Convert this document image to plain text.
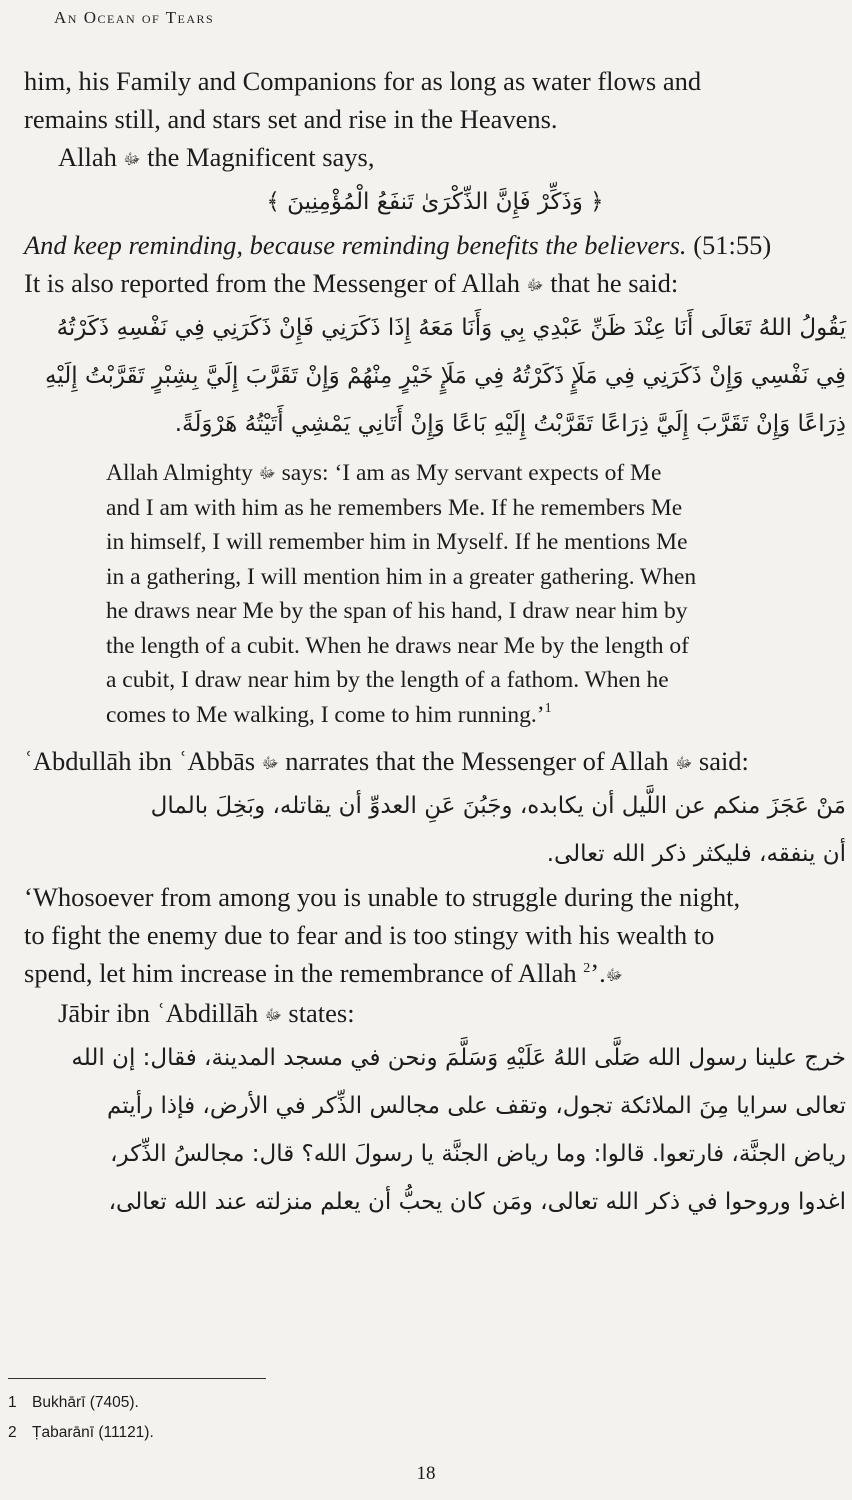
An Ocean of Tears

him, his Family and Companions for as long as water flows and

remains still, and stars set and rise in the Heavens.

Allah ﷻ the Magnificent says,

﴿ وَذَكِّرْ فَإِنَّ الذِّكْرَىٰ تَنفَعُ الْمُؤْمِنِينَ ﴾

And keep reminding, because reminding benefits the believers. (51:55)

It is also reported from the Messenger of Allah ﷻ that he said:

يَقُولُ اللهُ تَعَالَى أَنَا عِنْدَ ظَنِّ عَبْدِي بِي وَأَنَا مَعَهُ إِذَا ذَكَرَنِي فَإِنْ ذَكَرَنِي فِي نَفْسِهِ ذَكَرْتُهُ

فِي نَفْسِي وَإِنْ ذَكَرَنِي فِي مَلَإٍ ذَكَرْتُهُ فِي مَلَإٍ خَيْرٍ مِنْهُمْ وَإِنْ تَقَرَّبَ إِلَيَّ بِشِبْرٍ تَقَرَّبْتُ إِلَيْهِ

ذِرَاعًا وَإِنْ تَقَرَّبَ إِلَيَّ ذِرَاعًا تَقَرَّبْتُ إِلَيْهِ بَاعًا وَإِنْ أَتَانِي يَمْشِي أَتَيْتُهُ هَرْوَلَةً.

Allah Almighty ﷻ says: ‘I am as My servant expects of Me
and I am with him as he remembers Me. If he remembers Me
in himself, I will remember him in Myself. If he mentions Me
in a gathering, I will mention him in a greater gathering. When
he draws near Me by the span of his hand, I draw near him by
the length of a cubit. When he draws near Me by the length of
a cubit, I draw near him by the length of a fathom. When he
comes to Me walking, I come to him running.’$^1$

ʿAbdullāh ibn ʿAbbās ﷻ narrates that the Messenger of Allah ﷻ said:

مَنْ عَجَزَ منكم عن اللَّيل أن يكابده، وجَبُنَ عَنِ العدوِّ أن يقاتله، وبَخِلَ بالمال

أن ينفقه، فليكثر ذكر الله تعالى.

‘Whosoever from among you is unable to struggle during the night,

to fight the enemy due to fear and is too stingy with his wealth to

spend, let him increase in the remembrance of Allah ﷻ.’$^2$

Jābir ibn ʿAbdillāh ﷻ states:

خرج علينا رسول الله صَلَّى اللهُ عَلَيْهِ وَسَلَّمَ ونحن في مسجد المدينة، فقال: إن الله

تعالى سرايا مِنَ الملائكة تجول، وتقف على مجالس الذِّكر في الأرض، فإذا رأيتم

رياض الجنَّة، فارتعوا. قالوا: وما رياض الجنَّة يا رسولَ الله؟ قال: مجالسُ الذِّكر،

اغدوا وروحوا في ذكر الله تعالى، ومَن كان يحبُّ أن يعلم منزلته عند الله تعالى،

1 Bukhārī (7405).
2 Ṭabarānī (11121).
18
